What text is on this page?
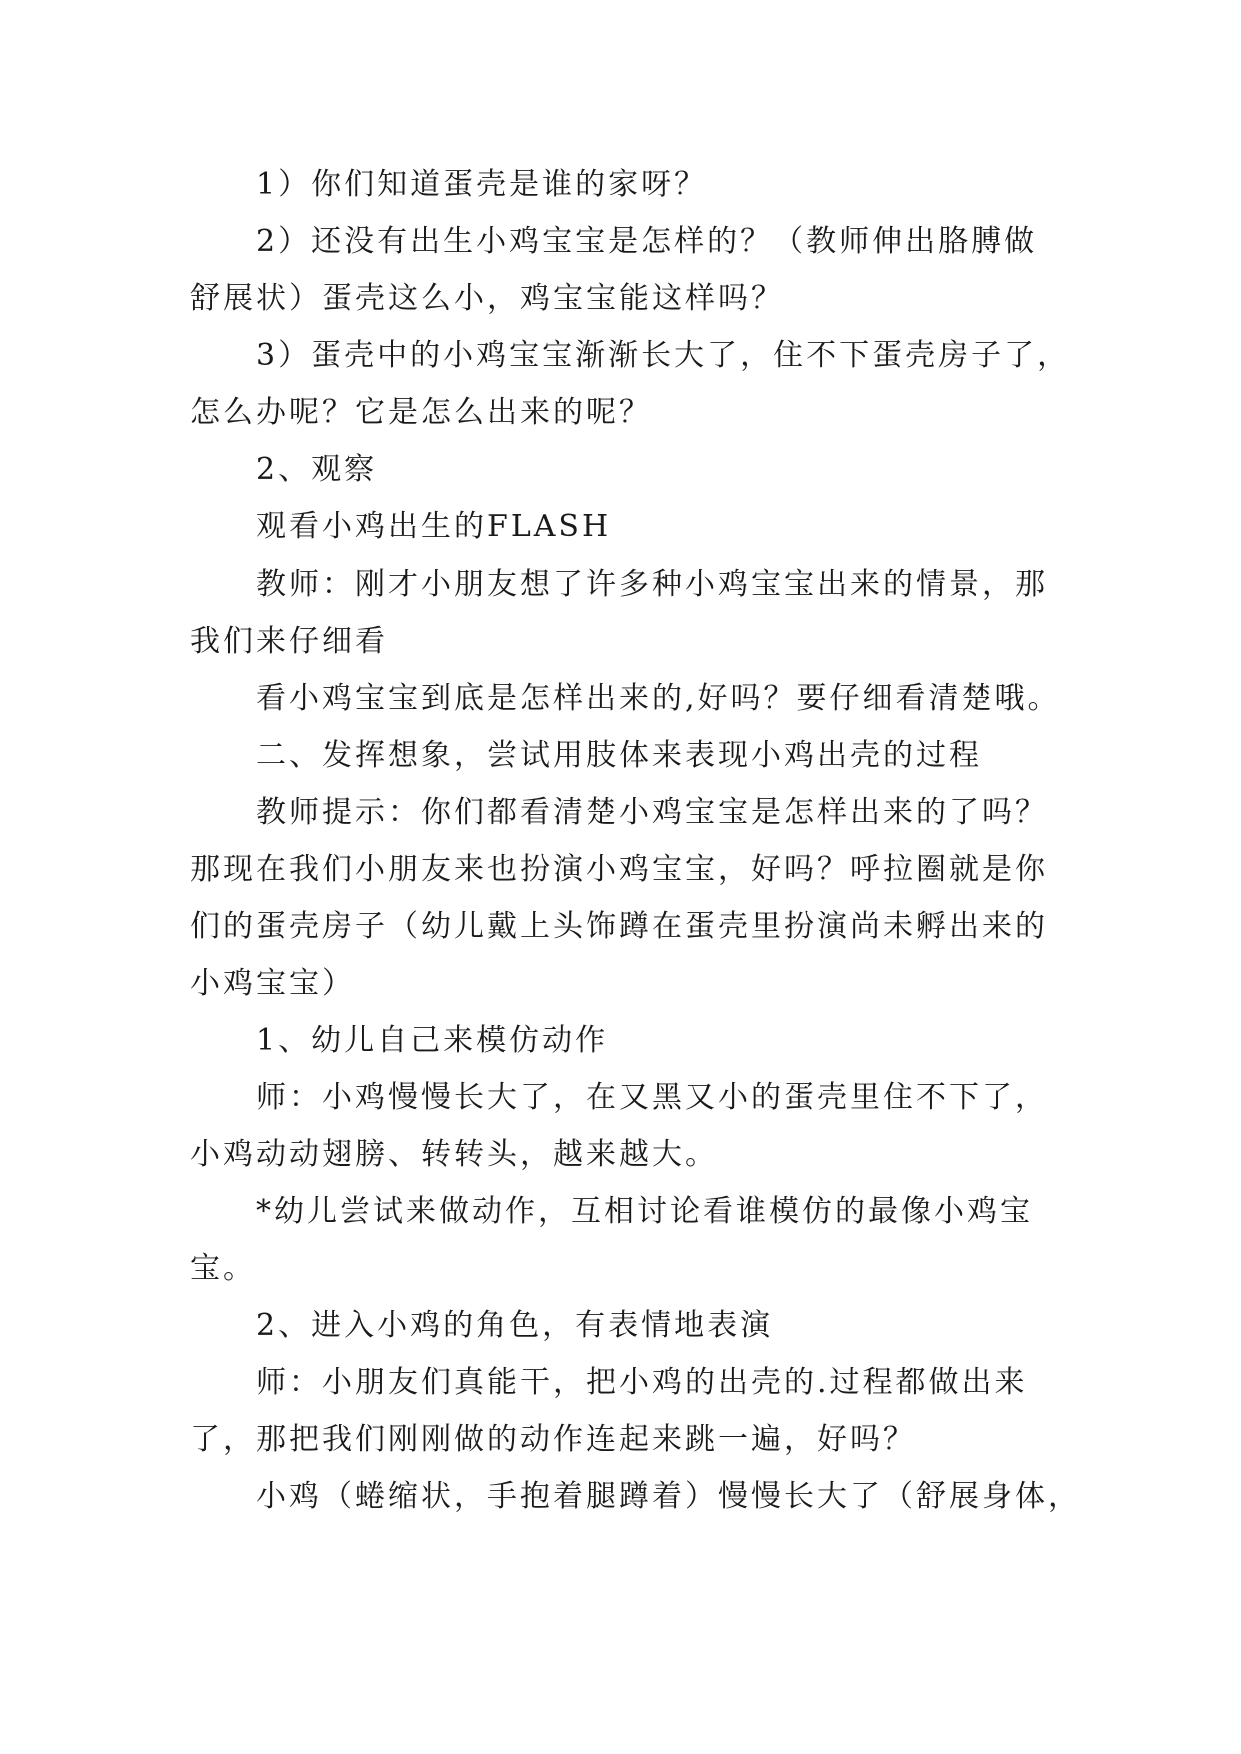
1）你们知道蛋壳是谁的家呀？
2）还没有出生小鸡宝宝是怎样的？（教师伸出胳膊做
舒展状）蛋壳这么小，鸡宝宝能这样吗？
3）蛋壳中的小鸡宝宝渐渐长大了，住不下蛋壳房子了，
怎么办呢？它是怎么出来的呢？
2、观察
观看小鸡出生的FLASH
教师：刚才小朋友想了许多种小鸡宝宝出来的情景，那
我们来仔细看
看小鸡宝宝到底是怎样出来的,好吗？要仔细看清楚哦。
二、发挥想象，尝试用肢体来表现小鸡出壳的过程
教师提示：你们都看清楚小鸡宝宝是怎样出来的了吗？
那现在我们小朋友来也扮演小鸡宝宝，好吗？呼拉圈就是你
们的蛋壳房子（幼儿戴上头饰蹲在蛋壳里扮演尚未孵出来的
小鸡宝宝）
1、幼儿自己来模仿动作
师：小鸡慢慢长大了，在又黑又小的蛋壳里住不下了，
小鸡动动翅膀、转转头，越来越大。
*幼儿尝试来做动作，互相讨论看谁模仿的最像小鸡宝
宝。
2、进入小鸡的角色，有表情地表演
师：小朋友们真能干，把小鸡的出壳的.过程都做出来
了，那把我们刚刚做的动作连起来跳一遍，好吗？
小鸡（蜷缩状，手抱着腿蹲着）慢慢长大了（舒展身体，
